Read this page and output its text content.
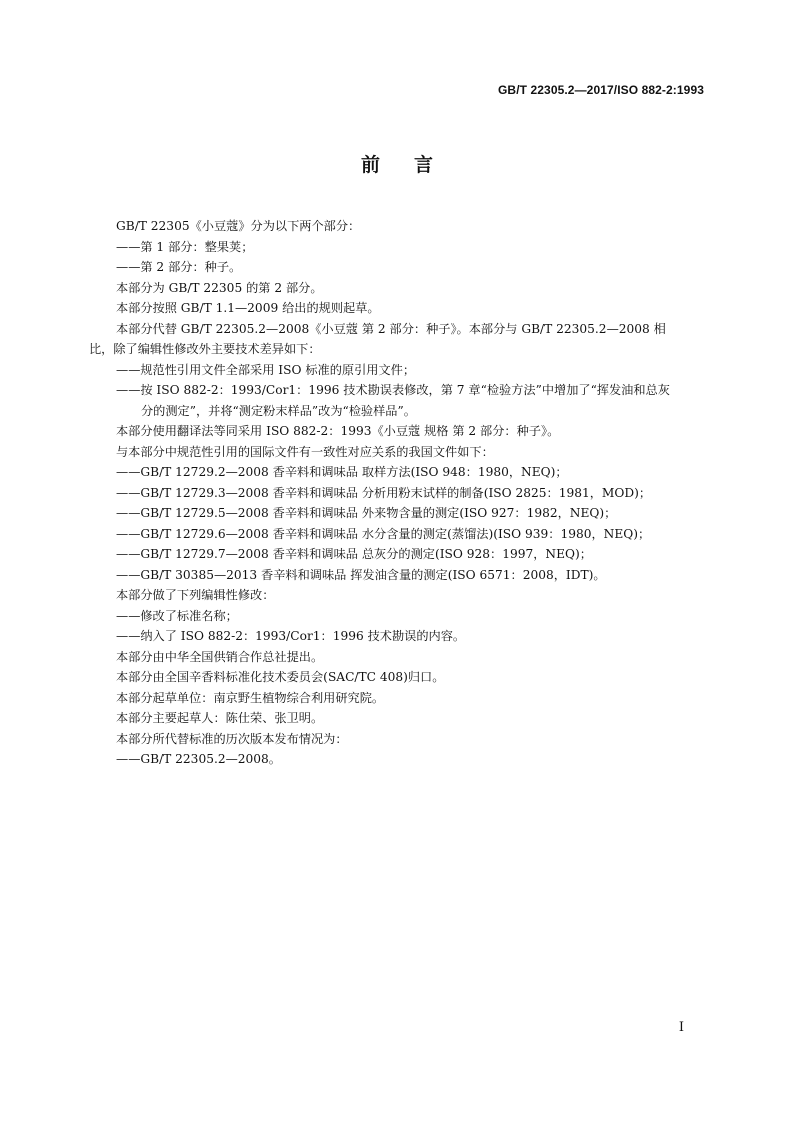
GB/T 22305.2—2017/ISO 882-2:1993
前言
GB/T 22305《小豆蔻》分为以下两个部分：
——第 1 部分：整果荚；
——第 2 部分：种子。
本部分为 GB/T 22305 的第 2 部分。
本部分按照 GB/T 1.1—2009 给出的规则起草。
本部分代替 GB/T 22305.2—2008《小豆蔻 第 2 部分：种子》。本部分与 GB/T 22305.2—2008 相
比，除了编辑性修改外主要技术差异如下：
——规范性引用文件全部采用 ISO 标准的原引用文件；
——按 ISO 882-2：1993/Cor1：1996 技术勘误表修改，第 7 章“检验方法”中增加了“挥发油和总灰
分的测定”，并将“测定粉末样品”改为“检验样品”。
本部分使用翻译法等同采用 ISO 882-2：1993《小豆蔻 规格 第 2 部分：种子》。
与本部分中规范性引用的国际文件有一致性对应关系的我国文件如下：
——GB/T 12729.2—2008 香辛料和调味品 取样方法(ISO 948：1980，NEQ)；
——GB/T 12729.3—2008 香辛料和调味品 分析用粉末试样的制备(ISO 2825：1981，MOD)；
——GB/T 12729.5—2008 香辛料和调味品 外来物含量的测定(ISO 927：1982，NEQ)；
——GB/T 12729.6—2008 香辛料和调味品 水分含量的测定(蒸馏法)(ISO 939：1980，NEQ)；
——GB/T 12729.7—2008 香辛料和调味品 总灰分的测定(ISO 928：1997，NEQ)；
——GB/T 30385—2013 香辛料和调味品 挥发油含量的测定(ISO 6571：2008，IDT)。
本部分做了下列编辑性修改：
——修改了标准名称；
——纳入了 ISO 882-2：1993/Cor1：1996 技术勘误的内容。
本部分由中华全国供销合作总社提出。
本部分由全国辛香料标准化技术委员会(SAC/TC 408)归口。
本部分起草单位：南京野生植物综合利用研究院。
本部分主要起草人：陈仕荣、张卫明。
本部分所代替标准的历次版本发布情况为：
——GB/T 22305.2—2008。
I
